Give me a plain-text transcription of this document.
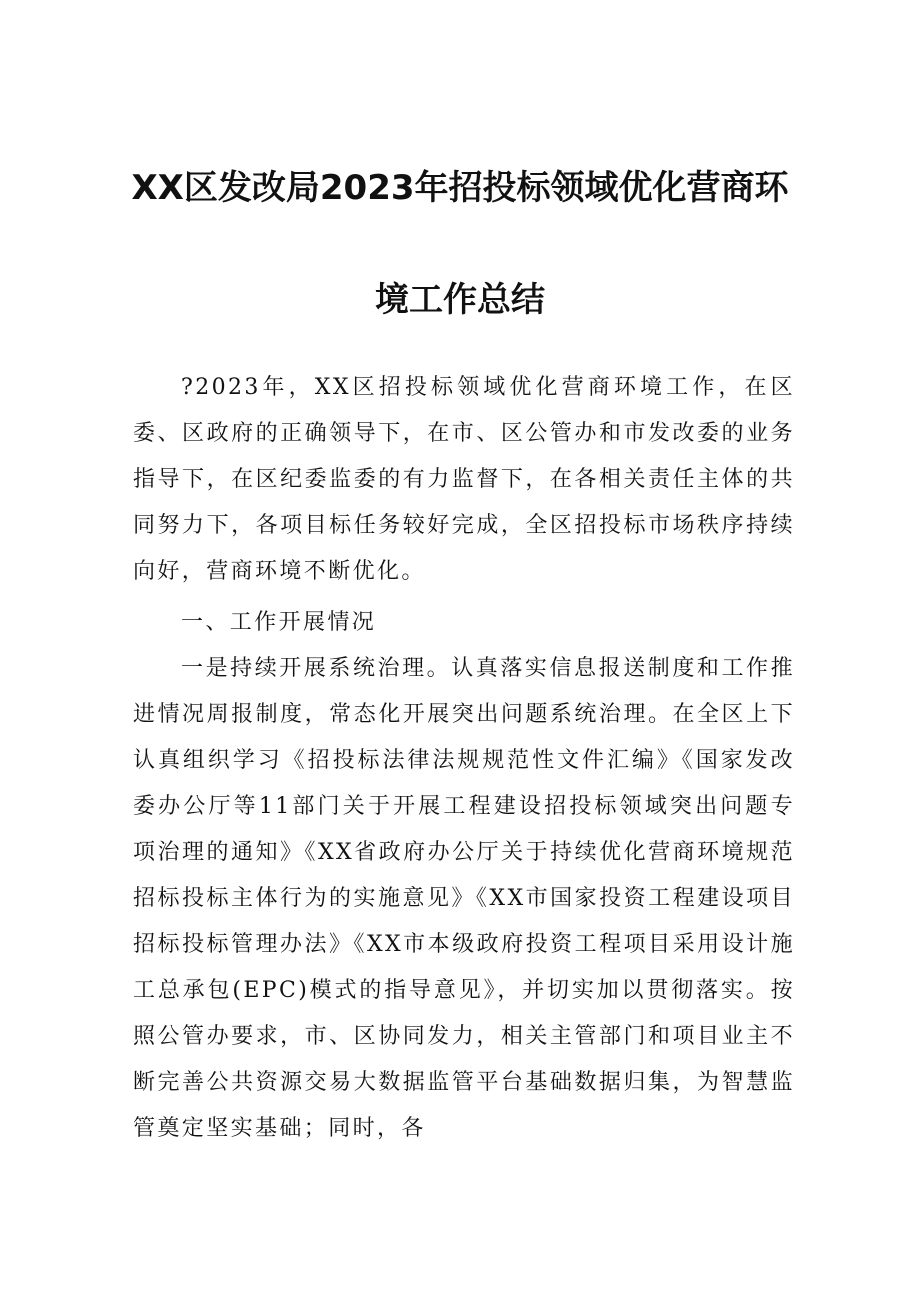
XX区发改局2023年招投标领域优化营商环
境工作总结

?2023年，XX区招投标领域优化营商环境工作，在区委、区政府的正确领导下，在市、区公管办和市发改委的业务指导下，在区纪委监委的有力监督下，在各相关责任主体的共同努力下，各项目标任务较好完成，全区招投标市场秩序持续向好，营商环境不断优化。

一、工作开展情况

一是持续开展系统治理。认真落实信息报送制度和工作推进情况周报制度，常态化开展突出问题系统治理。在全区上下认真组织学习《招投标法律法规规范性文件汇编》《国家发改委办公厅等11部门关于开展工程建设招投标领域突出问题专项治理的通知》《XX省政府办公厅关于持续优化营商环境规范招标投标主体行为的实施意见》《XX市国家投资工程建设项目招标投标管理办法》《XX市本级政府投资工程项目采用设计施工总承包(EPC)模式的指导意见》，并切实加以贯彻落实。按照公管办要求，市、区协同发力，相关主管部门和项目业主不断完善公共资源交易大数据监管平台基础数据归集，为智慧监管奠定坚实基础；同时，各
